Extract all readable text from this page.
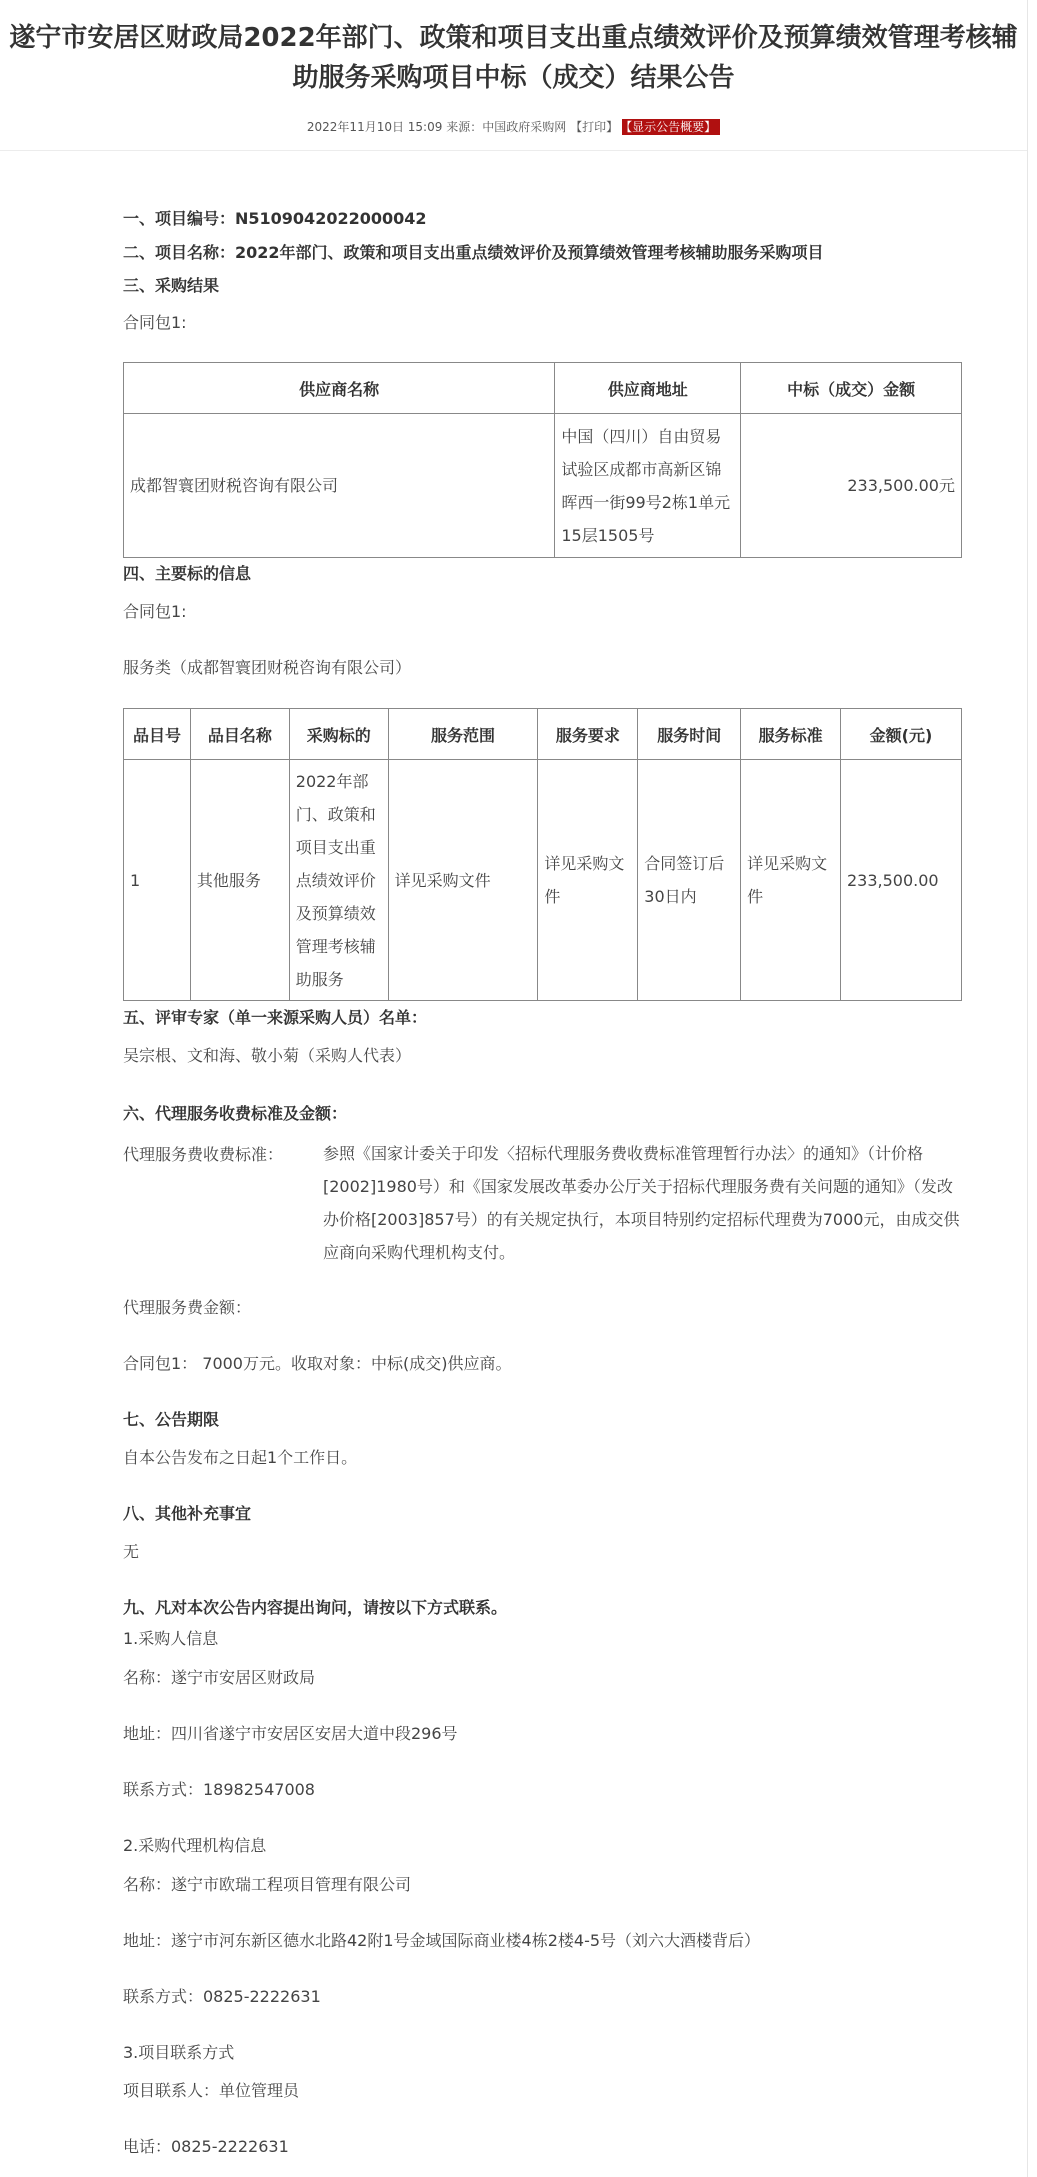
遂宁市安居区财政局2022年部门、政策和项目支出重点绩效评价及预算绩效管理考核辅助服务采购项目中标（成交）结果公告
2022年11月10日 15:09 来源：中国政府采购网 【打印】 【显示公告概要】
一、项目编号：N5109042022000042
二、项目名称：2022年部门、政策和项目支出重点绩效评价及预算绩效管理考核辅助服务采购项目
三、采购结果
合同包1:
供应商名称	供应商地址	中标（成交）金额
成都智寰团财税咨询有限公司	中国（四川）自由贸易试验区成都市高新区锦晖西一街99号2栋1单元15层1505号	233,500.00元
四、主要标的信息
合同包1:
服务类（成都智寰团财税咨询有限公司）
品目号	品目名称	采购标的	服务范围	服务要求	服务时间	服务标准	金额(元)
1	其他服务	2022年部门、政策和项目支出重点绩效评价及预算绩效管理考核辅助服务	详见采购文件	详见采购文件	合同签订后30日内	详见采购文件	233,500.00
五、评审专家（单一来源采购人员）名单：
吴宗根、文和海、敬小菊（采购人代表）
六、代理服务收费标准及金额：
代理服务费收费标准： 参照《国家计委关于印发〈招标代理服务费收费标准管理暂行办法〉的通知》（计价格[2002]1980号）和《国家发展改革委办公厅关于招标代理服务费有关问题的通知》（发改办价格[2003]857号）的有关规定执行，本项目特别约定招标代理费为7000元，由成交供应商向采购代理机构支付。
代理服务费金额：
合同包1： 7000万元。收取对象：中标(成交)供应商。
七、公告期限
自本公告发布之日起1个工作日。
八、其他补充事宜
无
九、凡对本次公告内容提出询问，请按以下方式联系。
1.采购人信息
名称：遂宁市安居区财政局
地址：四川省遂宁市安居区安居大道中段296号
联系方式：18982547008
2.采购代理机构信息
名称：遂宁市欧瑞工程项目管理有限公司
地址：遂宁市河东新区德水北路42附1号金域国际商业楼4栋2楼4-5号（刘六大酒楼背后）
联系方式：0825-2222631
3.项目联系方式
项目联系人：单位管理员
电话：0825-2222631
